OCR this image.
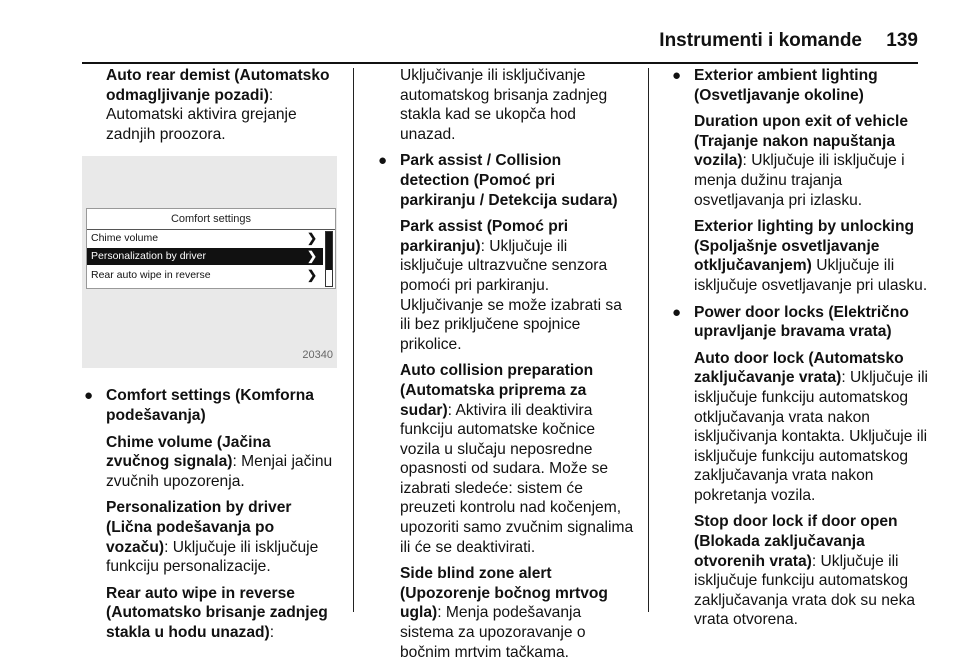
Instrumenti i komande 139

Auto rear demist (Automatsko odmagljivanje pozadi): Automatski aktivira grejanje zadnjih proozora.

Comfort settings
Chime volume	❯
Personalization by driver	❯
Rear auto wipe in reverse	❯
20340
● Comfort settings (Komforna podešavanja)

Chime volume (Jačina zvučnog signala): Menjai jačinu zvučnih upozorenja.

Personalization by driver (Lična podešavanja po vozaču): Uključuje ili isključuje funkciju personalizacije.

Rear auto wipe in reverse (Automatsko brisanje zadnjeg stakla u hodu unazad):

Uključivanje ili isključivanje automatskog brisanja zadnjeg stakla kad se ukopča hod unazad.

● Park assist / Collision detection (Pomoć pri parkiranju / Detekcija sudara)

Park assist (Pomoć pri parkiranju): Uključuje ili isključuje ultrazvučne senzora pomoći pri parkiranju. Uključivanje se može izabrati sa ili bez priključene spojnice prikolice.

Auto collision preparation (Automatska priprema za sudar): Aktivira ili deaktivira funkciju automatske kočnice vozila u slučaju neposredne opasnosti od sudara. Može se izabrati sledeće: sistem će preuzeti kontrolu nad kočenjem, upozoriti samo zvučnim signalima ili će se deaktivirati.

Side blind zone alert (Upozorenje bočnog mrtvog ugla): Menja podešavanja sistema za upozoravanje o bočnim mrtvim tačkama.

● Exterior ambient lighting (Osvetljavanje okoline)

Duration upon exit of vehicle (Trajanje nakon napuštanja vozila): Uključuje ili isključuje i menja dužinu trajanja osvetljavanja pri izlasku.

Exterior lighting by unlocking (Spoljašnje osvetljavanje otključavanjem) Uključuje ili isključuje osvetljavanje pri ulasku.

● Power door locks (Električno upravljanje bravama vrata)

Auto door lock (Automatsko zaključavanje vrata): Uključuje ili isključuje funkciju automatskog otključavanja vrata nakon isključivanja kontakta. Uključuje ili isključuje funkciju automatskog zaključavanja vrata nakon pokretanja vozila.

Stop door lock if door open (Blokada zaključavanja otvorenih vrata): Uključuje ili isključuje funkciju automatskog zaključavanja vrata dok su neka vrata otvorena.
